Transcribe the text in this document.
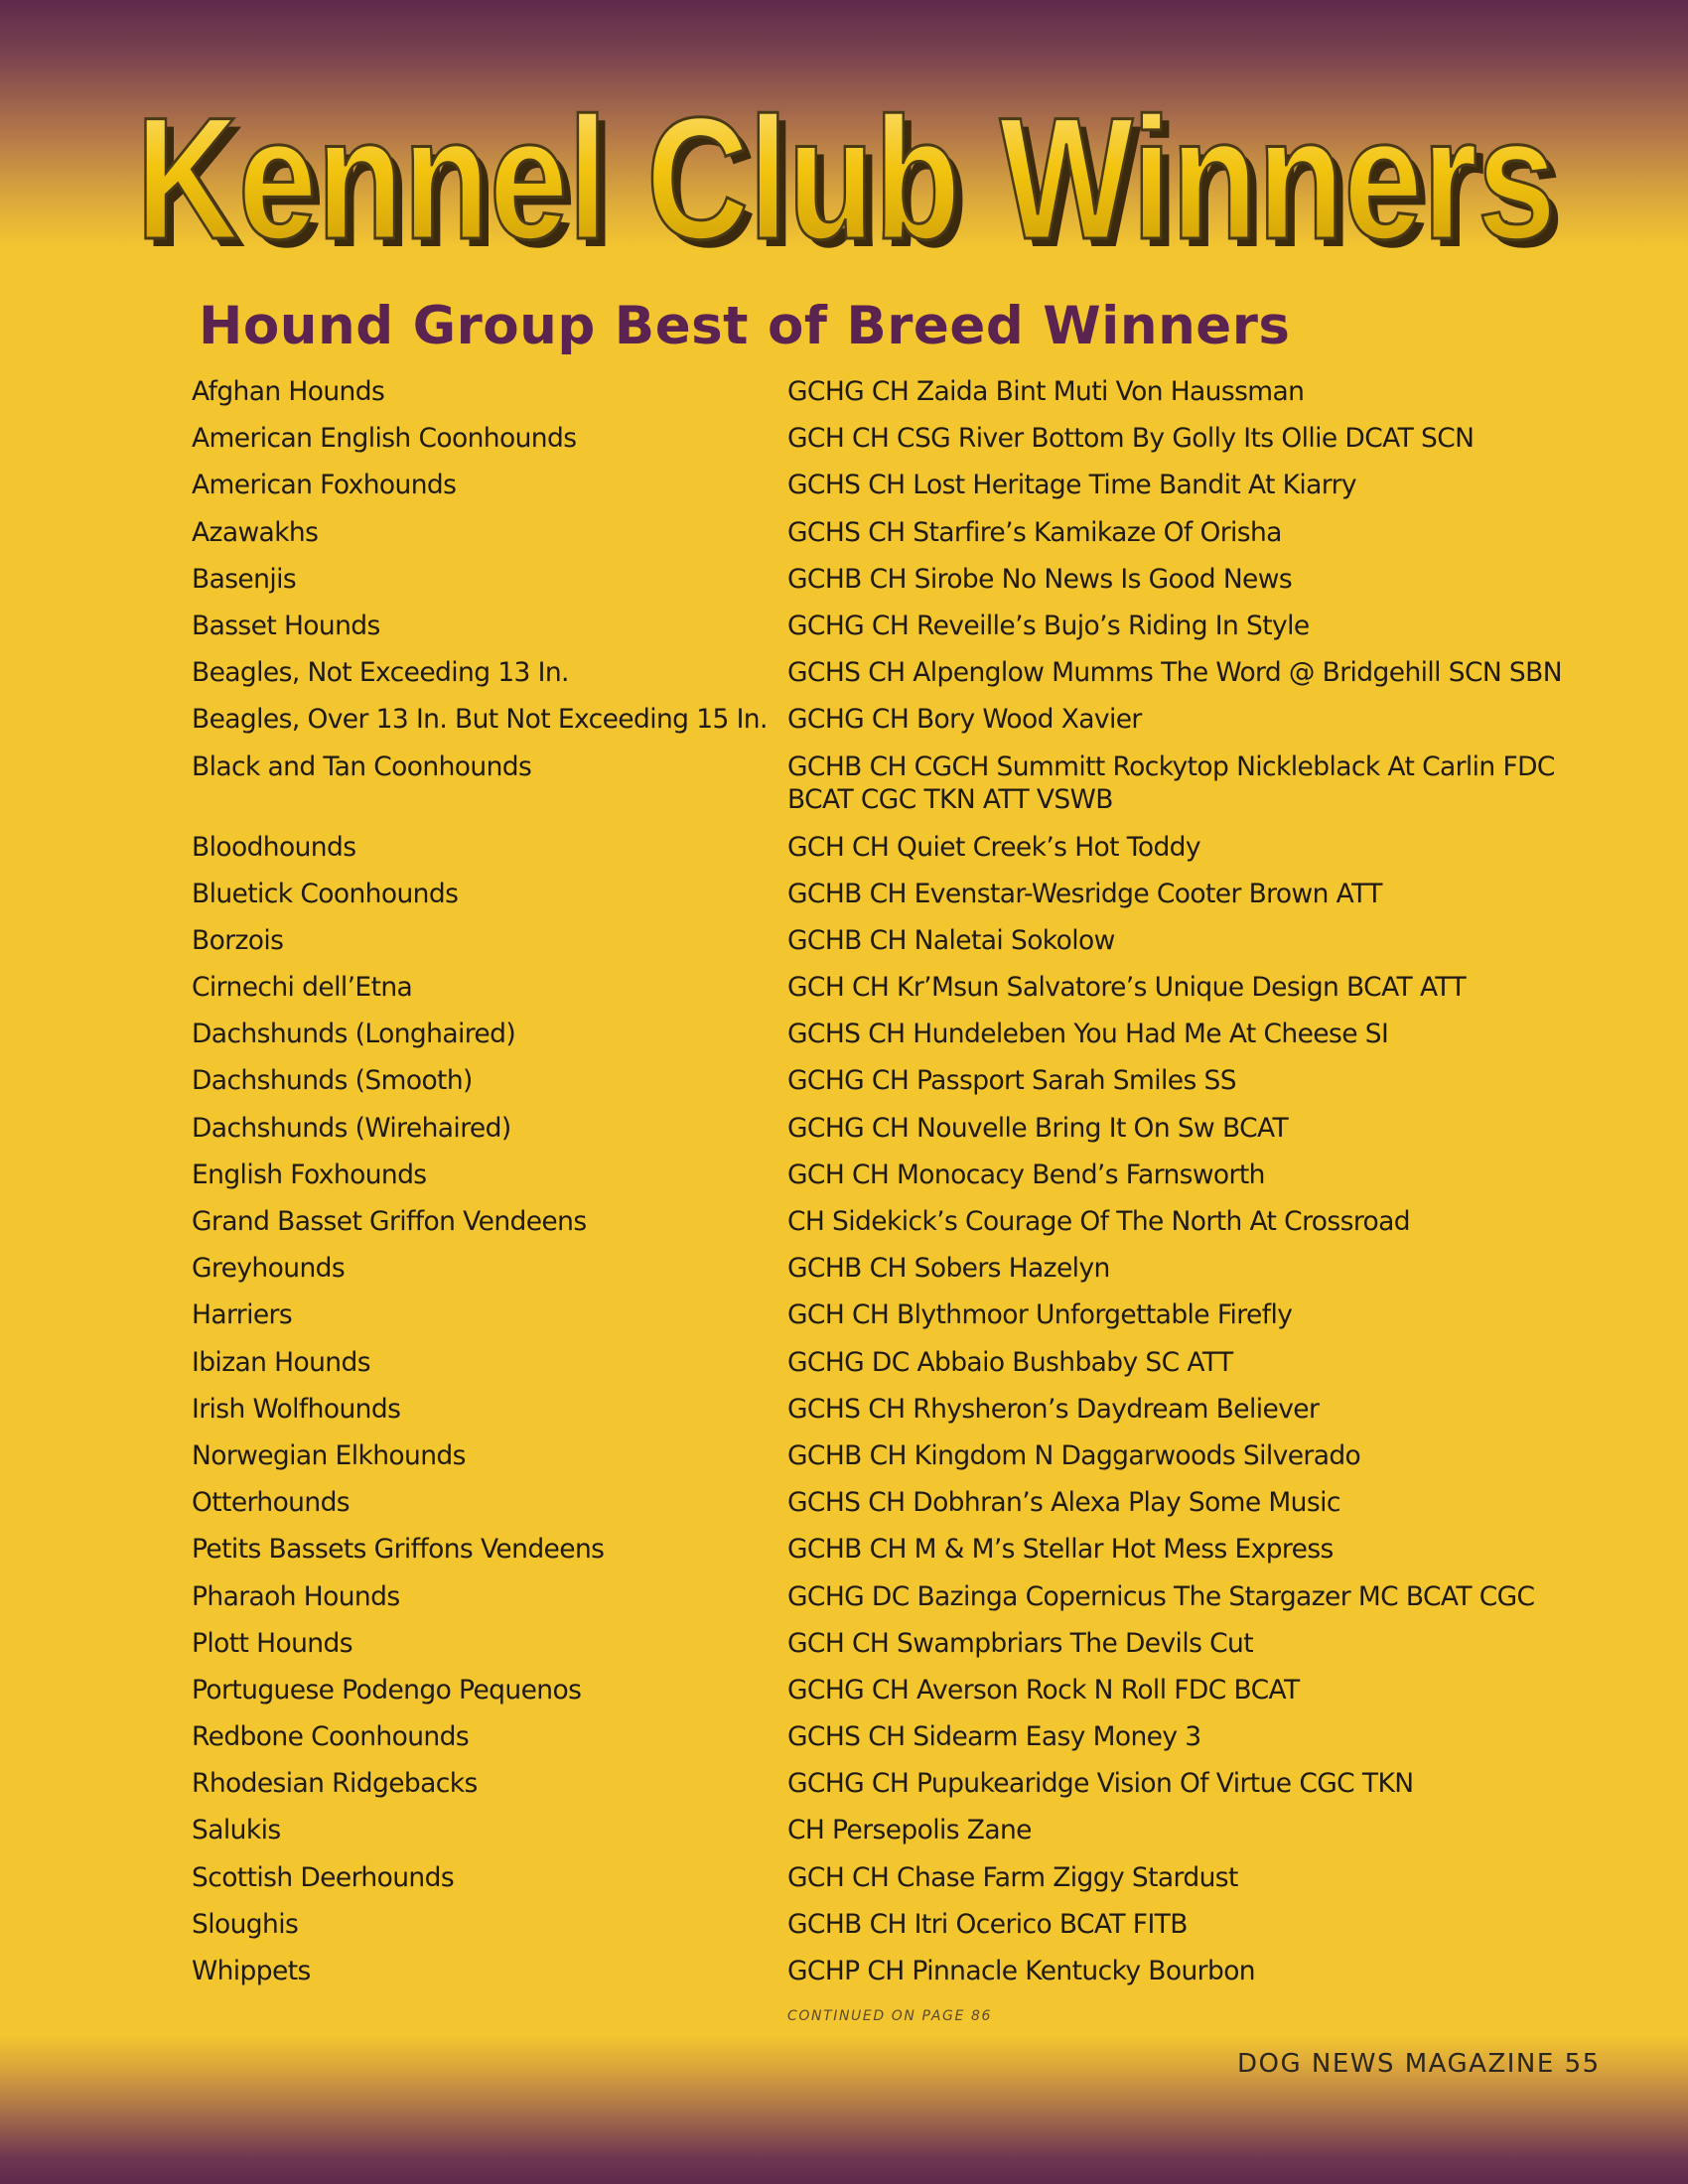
Kennel Club Winners
Kennel Club Winners
Hound Group Best of Breed Winners
Afghan Hounds	GCHG CH Zaida Bint Muti Von Haussman
American English Coonhounds	GCH CH CSG River Bottom By Golly Its Ollie DCAT SCN
American Foxhounds	GCHS CH Lost Heritage Time Bandit At Kiarry
Azawakhs	GCHS CH Starfire’s Kamikaze Of Orisha
Basenjis	GCHB CH Sirobe No News Is Good News
Basset Hounds	GCHG CH Reveille’s Bujo’s Riding In Style
Beagles, Not Exceeding 13 In.	GCHS CH Alpenglow Mumms The Word @ Bridgehill SCN SBN
Beagles, Over 13 In. But Not Exceeding 15 In. GCHG CH Bory Wood Xavier
Black and Tan Coonhounds	GCHB CH CGCH Summitt Rockytop Nickleblack At Carlin FDC BCAT CGC TKN ATT VSWB
Bloodhounds	GCH CH Quiet Creek’s Hot Toddy
Bluetick Coonhounds	GCHB CH Evenstar-Wesridge Cooter Brown ATT
Borzois	GCHB CH Naletai Sokolow
Cirnechi dell’Etna	GCH CH Kr’Msun Salvatore’s Unique Design BCAT ATT
Dachshunds (Longhaired)	GCHS CH Hundeleben You Had Me At Cheese SI
Dachshunds (Smooth)	GCHG CH Passport Sarah Smiles SS
Dachshunds (Wirehaired)	GCHG CH Nouvelle Bring It On Sw BCAT
English Foxhounds	GCH CH Monocacy Bend’s Farnsworth
Grand Basset Griffon Vendeens	CH Sidekick’s Courage Of The North At Crossroad
Greyhounds	GCHB CH Sobers Hazelyn
Harriers	GCH CH Blythmoor Unforgettable Firefly
Ibizan Hounds	GCHG DC Abbaio Bushbaby SC ATT
Irish Wolfhounds	GCHS CH Rhysheron’s Daydream Believer
Norwegian Elkhounds	GCHB CH Kingdom N Daggarwoods Silverado
Otterhounds	GCHS CH Dobhran’s Alexa Play Some Music
Petits Bassets Griffons Vendeens	GCHB CH M & M’s Stellar Hot Mess Express
Pharaoh Hounds	GCHG DC Bazinga Copernicus The Stargazer MC BCAT CGC
Plott Hounds	GCH CH Swampbriars The Devils Cut
Portuguese Podengo Pequenos	GCHG CH Averson Rock N Roll FDC BCAT
Redbone Coonhounds	GCHS CH Sidearm Easy Money 3
Rhodesian Ridgebacks	GCHG CH Pupukearidge Vision Of Virtue CGC TKN
Salukis	CH Persepolis Zane
Scottish Deerhounds	GCH CH Chase Farm Ziggy Stardust
Sloughis	GCHB CH Itri Ocerico BCAT FITB
Whippets	GCHP CH Pinnacle Kentucky Bourbon

CONTINUED ON PAGE 86

DOG NEWS MAGAZINE 55
